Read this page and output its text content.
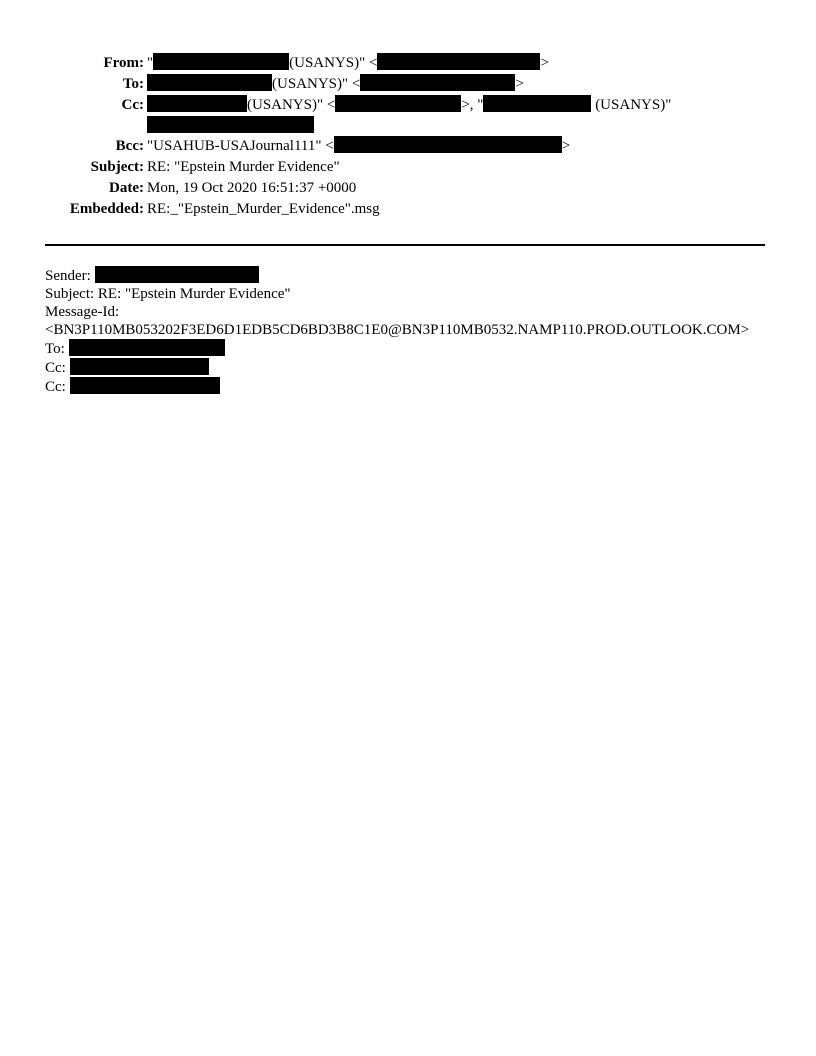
From: "	(USANYS)" <	>
To:	(USANYS)" <	>
Cc:	(USANYS)" <	>, "	(USANYS)"
Bcc: "USAHUB-USAJournal111" <	>
Subject: RE: "Epstein Murder Evidence"
Date: Mon, 19 Oct 2020 16:51:37 +0000
Embedded: RE:_"Epstein_Murder_Evidence".msg
Sender:
Subject: RE: "Epstein Murder Evidence"
Message-Id:
<BN3P110MB053202F3ED6D1EDB5CD6BD3B8C1E0@BN3P110MB0532.NAMP110.PROD.OUTLOOK.COM>
To:
Cc:
Cc:
